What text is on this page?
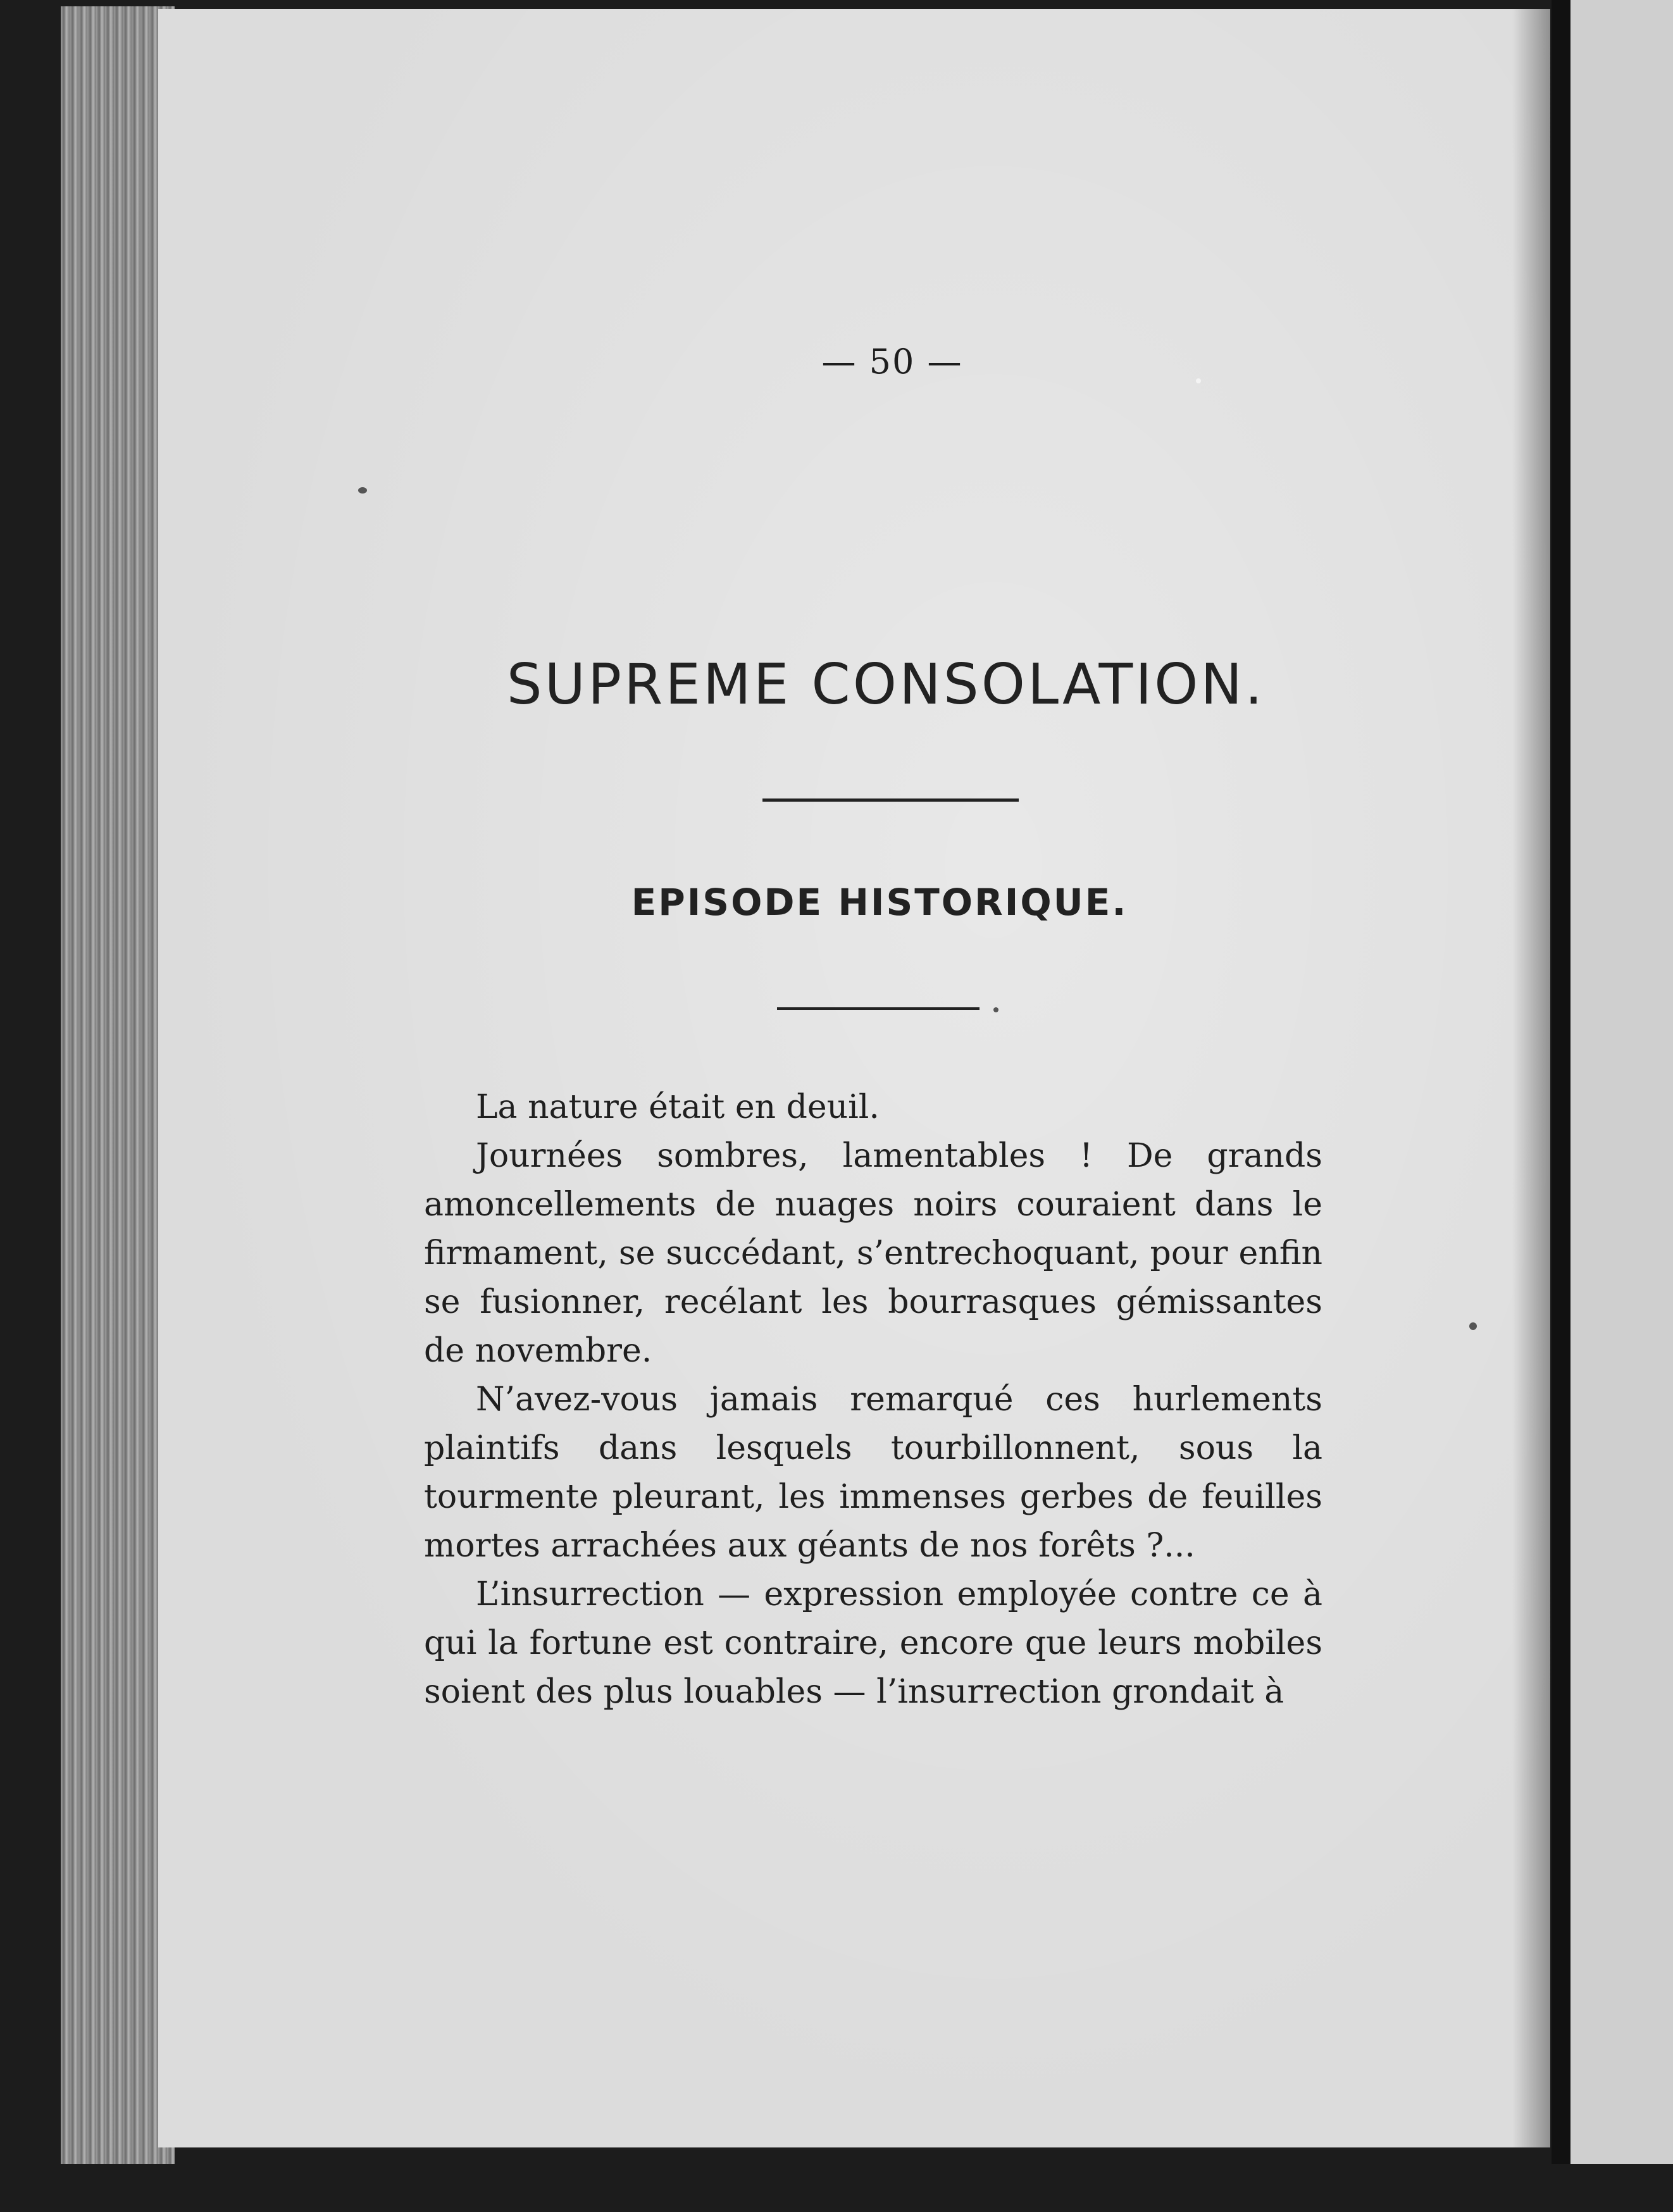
— 50 —
SUPREME CONSOLATION.
EPISODE HISTORIQUE.

La nature était en deuil.

Journées sombres, lamentables ! De grands amoncellements de nuages noirs couraient dans le firmament, se succédant, s’entrechoquant, pour enfin se fusionner, recélant les bourrasques gémissantes de novembre.

N’avez-vous jamais remarqué ces hurlements plaintifs dans lesquels tourbillonnent, sous la tourmente pleurant, les immenses gerbes de feuilles mortes arrachées aux géants de nos forêts ?...

L’insurrection — expression employée contre ce à qui la fortune est contraire, encore que leurs mobiles soient des plus louables — l’insurrection grondait à
